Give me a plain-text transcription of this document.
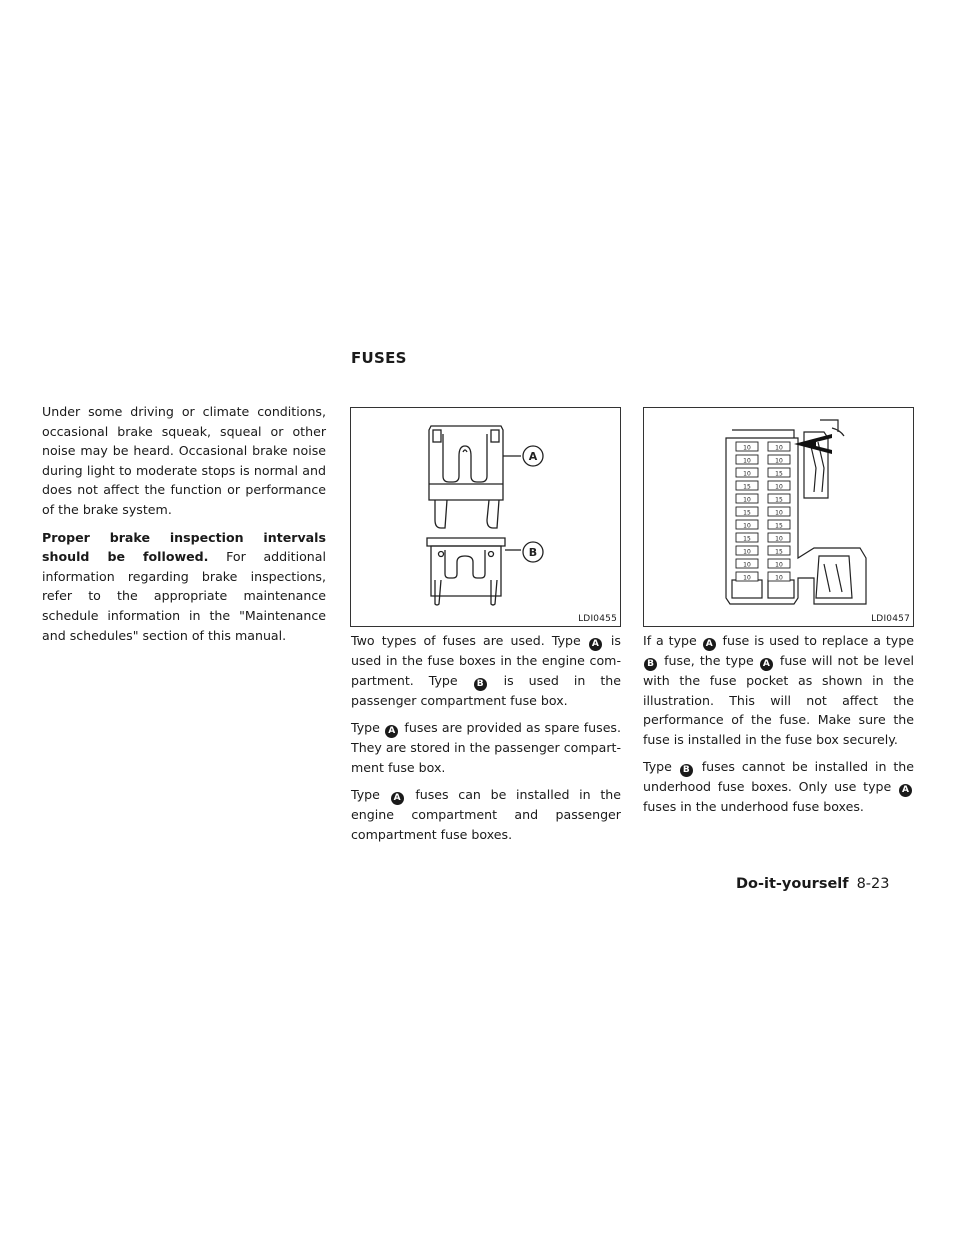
FUSES

Under some driving or climate conditions, occasional brake squeak, squeal or other noise may be heard. Occasional brake noise during light to moderate stops is normal and does not affect the function or performance of the brake system.

Proper brake inspection intervals should be followed. For additional information regarding brake inspections, refer to the appropriate maintenance schedule information in the "Maintenance and schedules" section of this manual.

A
B
LDI0455
10
10
10
15
10
15
10
15
10
10
10
10
10
15
10
15
10
15
10
15
10
10
LDI0457

Two types of fuses are used. Type A is used in the fuse boxes in the engine compartment. Type B is used in the passenger compartment fuse box.

Type A fuses are provided as spare fuses. They are stored in the passenger compartment fuse box.

Type A fuses can be installed in the engine compartment and passenger compartment fuse boxes.

If a type A fuse is used to replace a type B fuse, the type A fuse will not be level with the fuse pocket as shown in the illustration. This will not affect the performance of the fuse. Make sure the fuse is installed in the fuse box securely.

Type B fuses cannot be installed in the underhood fuse boxes. Only use type A fuses in the underhood fuse boxes.

Do-it-yourself 8-23
